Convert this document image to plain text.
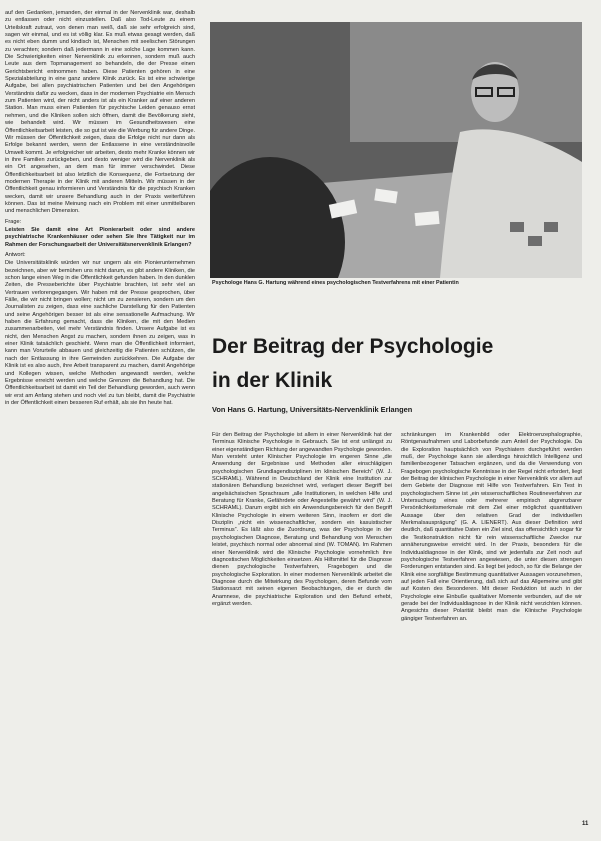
auf den Gedanken, jemanden, der einmal in der Nervenklinik war, deshalb zu entlassen oder nicht einzustellen. Daß also Tod-Leute zu einem Urteilskraft zutraut, von denen man weiß, daß sie sehr erfolgreich sind, sagen wir einmal, und es ist völlig klar. Es muß etwas gesagt werden, daß es nicht eben dumm und kindisch ist, Menschen mit seelischen Störungen zu verachten; sondern daß jedermann in eine solche Lage kommen kann. Die Schwierigkeiten einer Nervenklinik zu erkennen, sondern muß auch Leute aus dem Topmanagement so behandeln, die der Presse einen Gerichtsbericht entnommen haben. Diese Patienten gehören in eine Spezialabteilung in eine ganz andere Klinik zurück. Es ist eine schwierige Aufgabe, bei allen psychiatrischen Patienten und bei den Angehörigen Verständnis dafür zu wecken, dass in der modernen Psychiatrie ein Mensch zum Patienten wird, der nicht anders ist als ein Kranker auf einer anderen Station. Man muss einen Patienten für psychische Leiden genauso ernst nehmen, und die Kliniken sollen sich öffnen, damit die Bevölkerung sieht, wie behandelt wird. Wir müssen im Gesundheitswesen eine Öffentlichkeitsarbeit leisten, die so gut ist wie die Werbung für andere Dinge. Wir müssen der Öffentlichkeit zeigen, dass die Erfolge nicht nur dann als Erfolge bekannt werden, wenn der Entlassene in eine verständnisvolle Umwelt kommt. Je erfolgreicher wir arbeiten, desto mehr Kranke können wir in ihre Familien zurückgeben, und desto weniger wird die Nervenklinik als ein Ort angesehen, an dem man für immer verschwindet. Diese Öffentlichkeitsarbeit ist also letztlich die Konsequenz, die Fortsetzung der modernen Therapie in der Klinik mit anderen Mitteln. Wir müssen in der Öffentlichkeit genau informieren und Verständnis für die psychisch Kranken wecken, damit wir unsere Behandlung auch in der Praxis weiterführen können. Das ist meine Meinung nach ein Problem mit einer unmittelbaren und menschlichen Dimension.

Frage:

Leisten Sie damit eine Art Pionierarbeit oder sind andere psychiatrische Krankenhäuser oder sehen Sie Ihre Tätigkeit nur im Rahmen der Forschungsarbeit der Universitätsnervenklinik Erlangen?

Antwort:

Die Universitätsklinik würden wir nur ungern als ein Pionierunternehmen bezeichnen, aber wir bemühen uns nicht darum, es gibt andere Kliniken, die schon lange einen Weg in die Öffentlichkeit gefunden haben. In den dunklen Zeiten, die Presseberichte über Psychiatrie brachten, ist sehr viel an Vertrauen verlorengegangen. Wir haben mit der Presse gesprochen, über Fälle, die wir nicht bringen wollen; nicht um zu zensieren, sondern um den Journalisten zu zeigen, dass eine sachliche Darstellung für den Patienten und seine Angehörigen besser ist als eine sensationelle Aufmachung. Wir haben die Erfahrung gemacht, dass die Kliniken, die mit den Medien zusammenarbeiten, viel mehr Verständnis finden. Unsere Aufgabe ist es nicht, den Menschen Angst zu machen, sondern ihnen zu zeigen, was in einer Klinik tatsächlich geschieht. Wenn man die Öffentlichkeit informiert, kann man Vorurteile abbauen und gleichzeitig die Patienten schützen, die nach der Entlassung in ihre Gemeinden zurückkehren. Die Aufgabe der Klinik ist es also auch, ihre Arbeit transparent zu machen, damit Angehörige und Kollegen wissen, welche Methoden angewandt werden, welche Ergebnisse erreicht werden und welche Grenzen die Behandlung hat. Die Öffentlichkeitsarbeit ist damit ein Teil der Behandlung geworden, auch wenn wir erst am Anfang stehen und noch viel zu tun bleibt, damit die Psychiatrie in der Öffentlichkeit einen besseren Ruf erhält, als sie ihn heute hat.

Psychologe Hans G. Hartung während eines psychologischen Testverfahrens mit einer Patientin
Der Beitrag der Psychologie
in der Klinik
Von Hans G. Hartung, Universitäts-Nervenklinik Erlangen

Für den Beitrag der Psychologie ist allem in einer Nervenklinik hat der Terminus Klinische Psychologie in Gebrauch. Sie ist erst unlängst zu einer eigenständigen Richtung der angewandten Psychologie geworden. Man versteht unter Klinischer Psychologie im engeren Sinne „die Anwendung der Ergebnisse und Methoden aller einschlägigen psychologischen Grundlagendisziplinen im klinischen Bereich“ (W. J. SCHRAML). Während in Deutschland der Klinik eine Institution zur stationären Behandlung bezeichnet wird, verlagert dieser Begriff bei angelsächsischen Sprachraum „alle Institutionen, in welchen Hilfe und Beratung für Kranke, Gefährdete oder Angestellte gewährt wird“ (W. J. SCHRAML). Darum ergibt sich ein Anwendungsbereich für den Begriff Klinische Psychologie in einem weiteren Sinn, insofern er dort die Disziplin „nicht ein wissenschaftlicher, sondern ein kasuistischer Terminus“. Es läßt also die Zuordnung, was der Psychologe in der psychologischen Diagnose, Beratung und Behandlung von Menschen leistet, psychisch normal oder abnormal sind (W. TOMAN). Im Rahmen einer Nervenklinik wird die Klinische Psychologie vornehmlich ihre diagnostischen Möglichkeiten einsetzen. Als Hilfsmittel für die Diagnose dienen psychologische Testverfahren, Fragebogen und die psychologische Exploration. In einer modernen Nervenklinik arbeitet die Diagnose durch die Mitwirkung des Psychologen, deren Befunde vom Stationsarzt mit seinen eigenen Beobachtungen, die er durch die Anamnese, die psychiatrische Exploration und den Befund erhebt, ergänzt werden.

schränkungen im Krankenbild oder Elektroenzephalographie, Röntgenaufnahmen und Laborbefunde zum Anteil der Psychologie. Da die Exploration hauptsächlich von Psychiatern durchgeführt werden muß, der Psychologe kann sie allerdings hinsichtlich Intelligenz und familienbezogener Tatsachen ergänzen, und da die Verwendung von Fragebogen psychologische Kenntnisse in der Regel nicht erfordert, liegt der Beitrag der klinischen Psychologie in einer Nervenklinik vor allem auf dem Gebiete der Diagnose mit Hilfe von Testverfahren. Ein Test in psychologischem Sinne ist „ein wissenschaftliches Routineverfahren zur Untersuchung eines oder mehrerer empirisch abgrenzbarer Persönlichkeitsmerkmale mit dem Ziel einer möglichst quantitativen Aussage über den relativen Grad der individuellen Merkmalsausprägung“ (G. A. LIENERT). Aus dieser Definition wird deutlich, daß quantitative Daten ein Ziel sind, das offensichtlich sogar für die Testkonstruktion nicht für rein wissenschaftliche Zwecke nur annäherungsweise erreicht wird. In der Praxis, besonders für die Individualdiagnose in der Klinik, sind wir jedenfalls zur Zeit noch auf psychologische Testverfahren angewiesen, die unter diesen strengen Forderungen entstanden sind. Es liegt bei jedoch, so für die Belange der Klinik eine sorgfältige Bestimmung quantitativer Aussagen vorzunehmen, auf jeden Fall eine Orientierung, daß sich auf das Allgemeine und gibt auf Kosten des Besonderen. Mit dieser Reduktion ist auch in der Psychologie eine Einbuße qualitativer Momente verbunden, auf die wir gerade bei der Individualdiagnose in der Klinik nicht verzichten können. Angesichts dieser Polarität bleibt man die Klinische Psychologie gängiger Testverfahren an.

11
